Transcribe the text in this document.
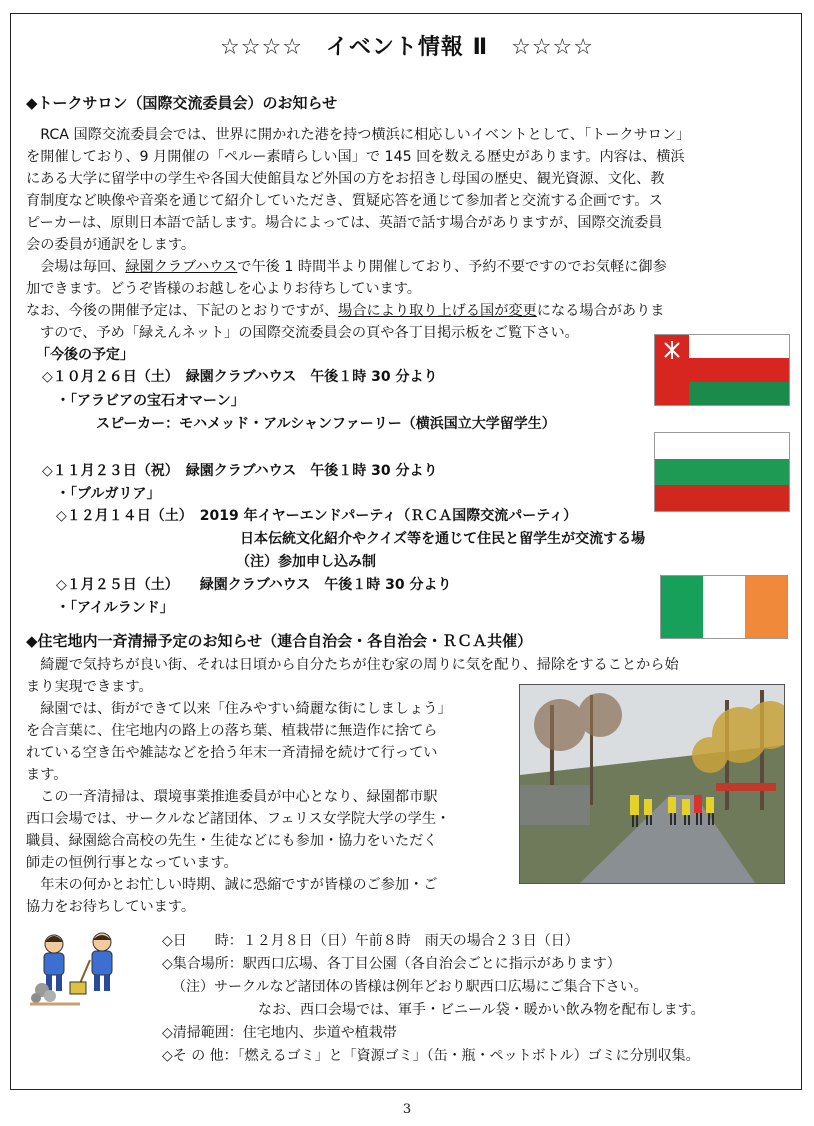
☆☆☆☆　イベント情報 Ⅱ　☆☆☆☆
◆トークサロン（国際交流委員会）のお知らせ
　RCA 国際交流委員会では、世界に開かれた港を持つ横浜に相応しいイベントとして、「トークサロン」
を開催しており、9 月開催の「ペルー素晴らしい国」で 145 回を数える歴史があります。内容は、横浜
にある大学に留学中の学生や各国大使館員など外国の方をお招きし母国の歴史、観光資源、文化、教
育制度など映像や音楽を通じて紹介していただき、質疑応答を通じて参加者と交流する企画です。ス
ピーカーは、原則日本語で話します。場合によっては、英語で話す場合がありますが、国際交流委員
会の委員が通訳をします。
　会場は毎回、緑園クラブハウスで午後 1 時間半より開催しており、予約不要ですのでお気軽に御参
加できます。どうぞ皆様のお越しを心よりお待ちしています。
なお、今後の開催予定は、下記のとおりですが、場合により取り上げる国が変更になる場合がありま
すので、予め「緑えんネット」の国際交流委員会の頁や各丁目掲示板をご覧下さい。
「今後の予定」
◇１０月２６日（土）　緑園クラブハウス　午後１時 30 分より
・「アラビアの宝石オマーン」
スピーカー：モハメッド・アルシャンファーリー（横浜国立大学留学生）
◇１１月２３日（祝）　緑園クラブハウス　午後１時 30 分より
・「ブルガリア」
◇１２月１４日（土）　2019 年イヤーエンドパーティ（ＲＣＡ国際交流パーティ）
日本伝統文化紹介やクイズ等を通じて住民と留学生が交流する場
（注）参加申し込み制
◇１月２５日（土）　　緑園クラブハウス　午後１時 30 分より
・「アイルランド」
◆住宅地内一斉清掃予定のお知らせ（連合自治会・各自治会・ＲＣＡ共催）
　綺麗で気持ちが良い街、それは日頃から自分たちが住む家の周りに気を配り、掃除をすることから始
まり実現できます。
　緑園では、街ができて以来「住みやすい綺麗な街にしましょう」
を合言葉に、住宅地内の路上の落ち葉、植栽帯に無造作に捨てら
れている空き缶や雑誌などを拾う年末一斉清掃を続けて行ってい
ます。
　この一斉清掃は、環境事業推進委員が中心となり、緑園都市駅
西口会場では、サークルなど諸団体、フェリス女学院大学の学生・
職員、緑園総合高校の先生・生徒などにも参加・協力をいただく
師走の恒例行事となっています。
　年末の何かとお忙しい時期、誠に恐縮ですが皆様のご参加・ご
協力をお待ちしています。
◇日　　時：１２月８日（日）午前８時　雨天の場合２３日（日）
◇集合場所：駅西口広場、各丁目公園（各自治会ごとに指示があります）
（注）サークルなど諸団体の皆様は例年どおり駅西口広場にご集合下さい。
なお、西口会場では、軍手・ビニール袋・暖かい飲み物を配布します。
◇清掃範囲：住宅地内、歩道や植栽帯
◇そ の 他：「燃えるゴミ」と「資源ゴミ」（缶・瓶・ペットボトル）ゴミに分別収集。
3
